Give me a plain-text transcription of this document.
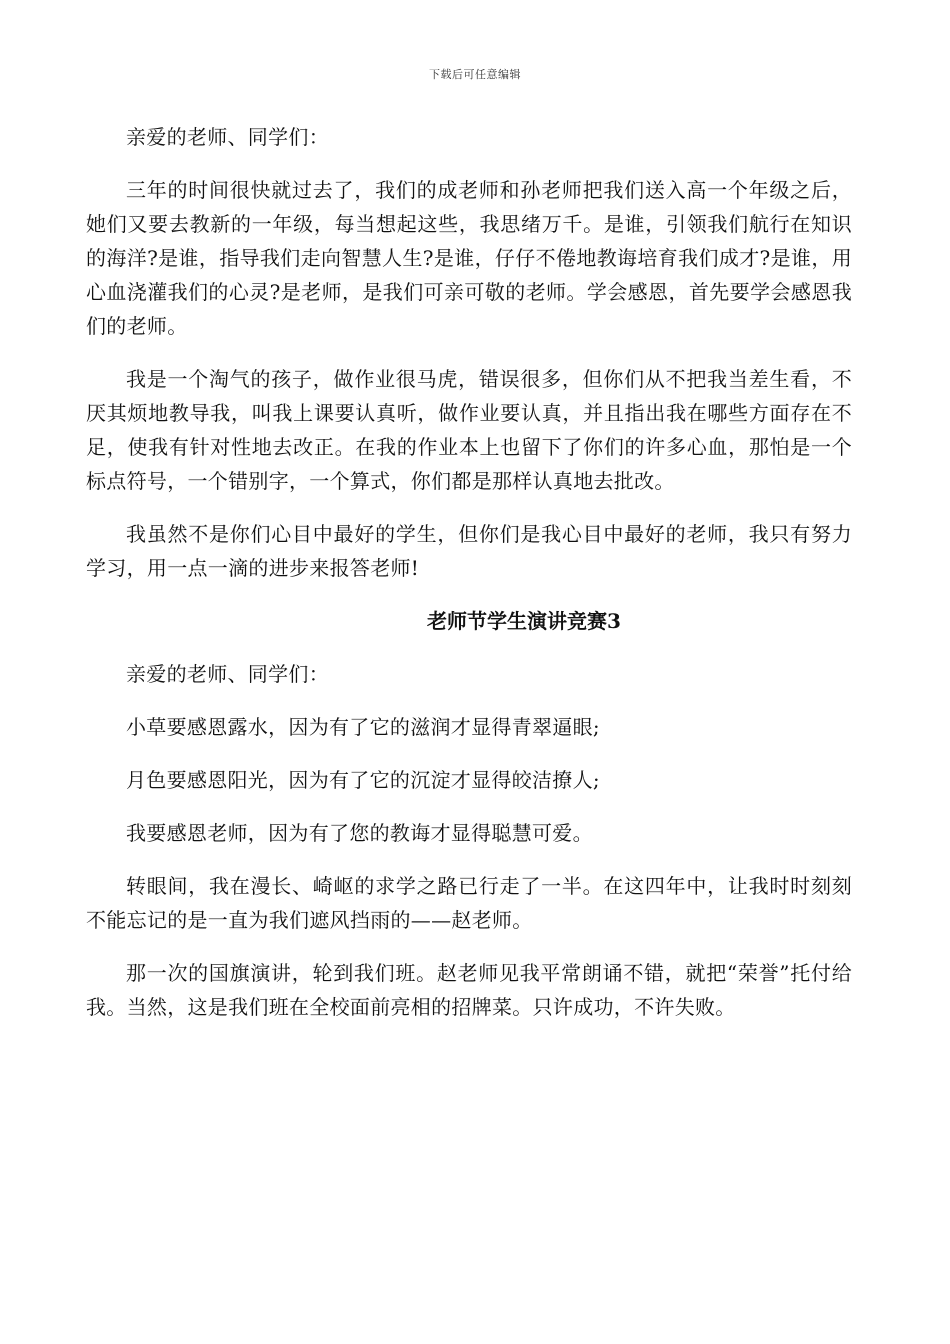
下载后可任意编辑

亲爱的老师、同学们：

三年的时间很快就过去了，我们的成老师和孙老师把我们送入高一个年级之后，她们又要去教新的一年级，每当想起这些，我思绪万千。是谁，引领我们航行在知识的海洋?是谁，指导我们走向智慧人生?是谁，仔仔不倦地教诲培育我们成才?是谁，用心血浇灌我们的心灵?是老师，是我们可亲可敬的老师。学会感恩，首先要学会感恩我们的老师。

我是一个淘气的孩子，做作业很马虎，错误很多，但你们从不把我当差生看，不厌其烦地教导我，叫我上课要认真听，做作业要认真，并且指出我在哪些方面存在不足，使我有针对性地去改正。在我的作业本上也留下了你们的许多心血，那怕是一个标点符号，一个错别字，一个算式，你们都是那样认真地去批改。

我虽然不是你们心目中最好的学生，但你们是我心目中最好的老师，我只有努力学习，用一点一滴的进步来报答老师!

老师节学生演讲竞赛3

亲爱的老师、同学们：

小草要感恩露水，因为有了它的滋润才显得青翠逼眼;

月色要感恩阳光，因为有了它的沉淀才显得皎洁撩人;

我要感恩老师，因为有了您的教诲才显得聪慧可爱。

转眼间，我在漫长、崎岖的求学之路已行走了一半。在这四年中，让我时时刻刻不能忘记的是一直为我们遮风挡雨的——赵老师。

那一次的国旗演讲，轮到我们班。赵老师见我平常朗诵不错，就把“荣誉”托付给我。当然，这是我们班在全校面前亮相的招牌菜。只许成功，不许失败。
